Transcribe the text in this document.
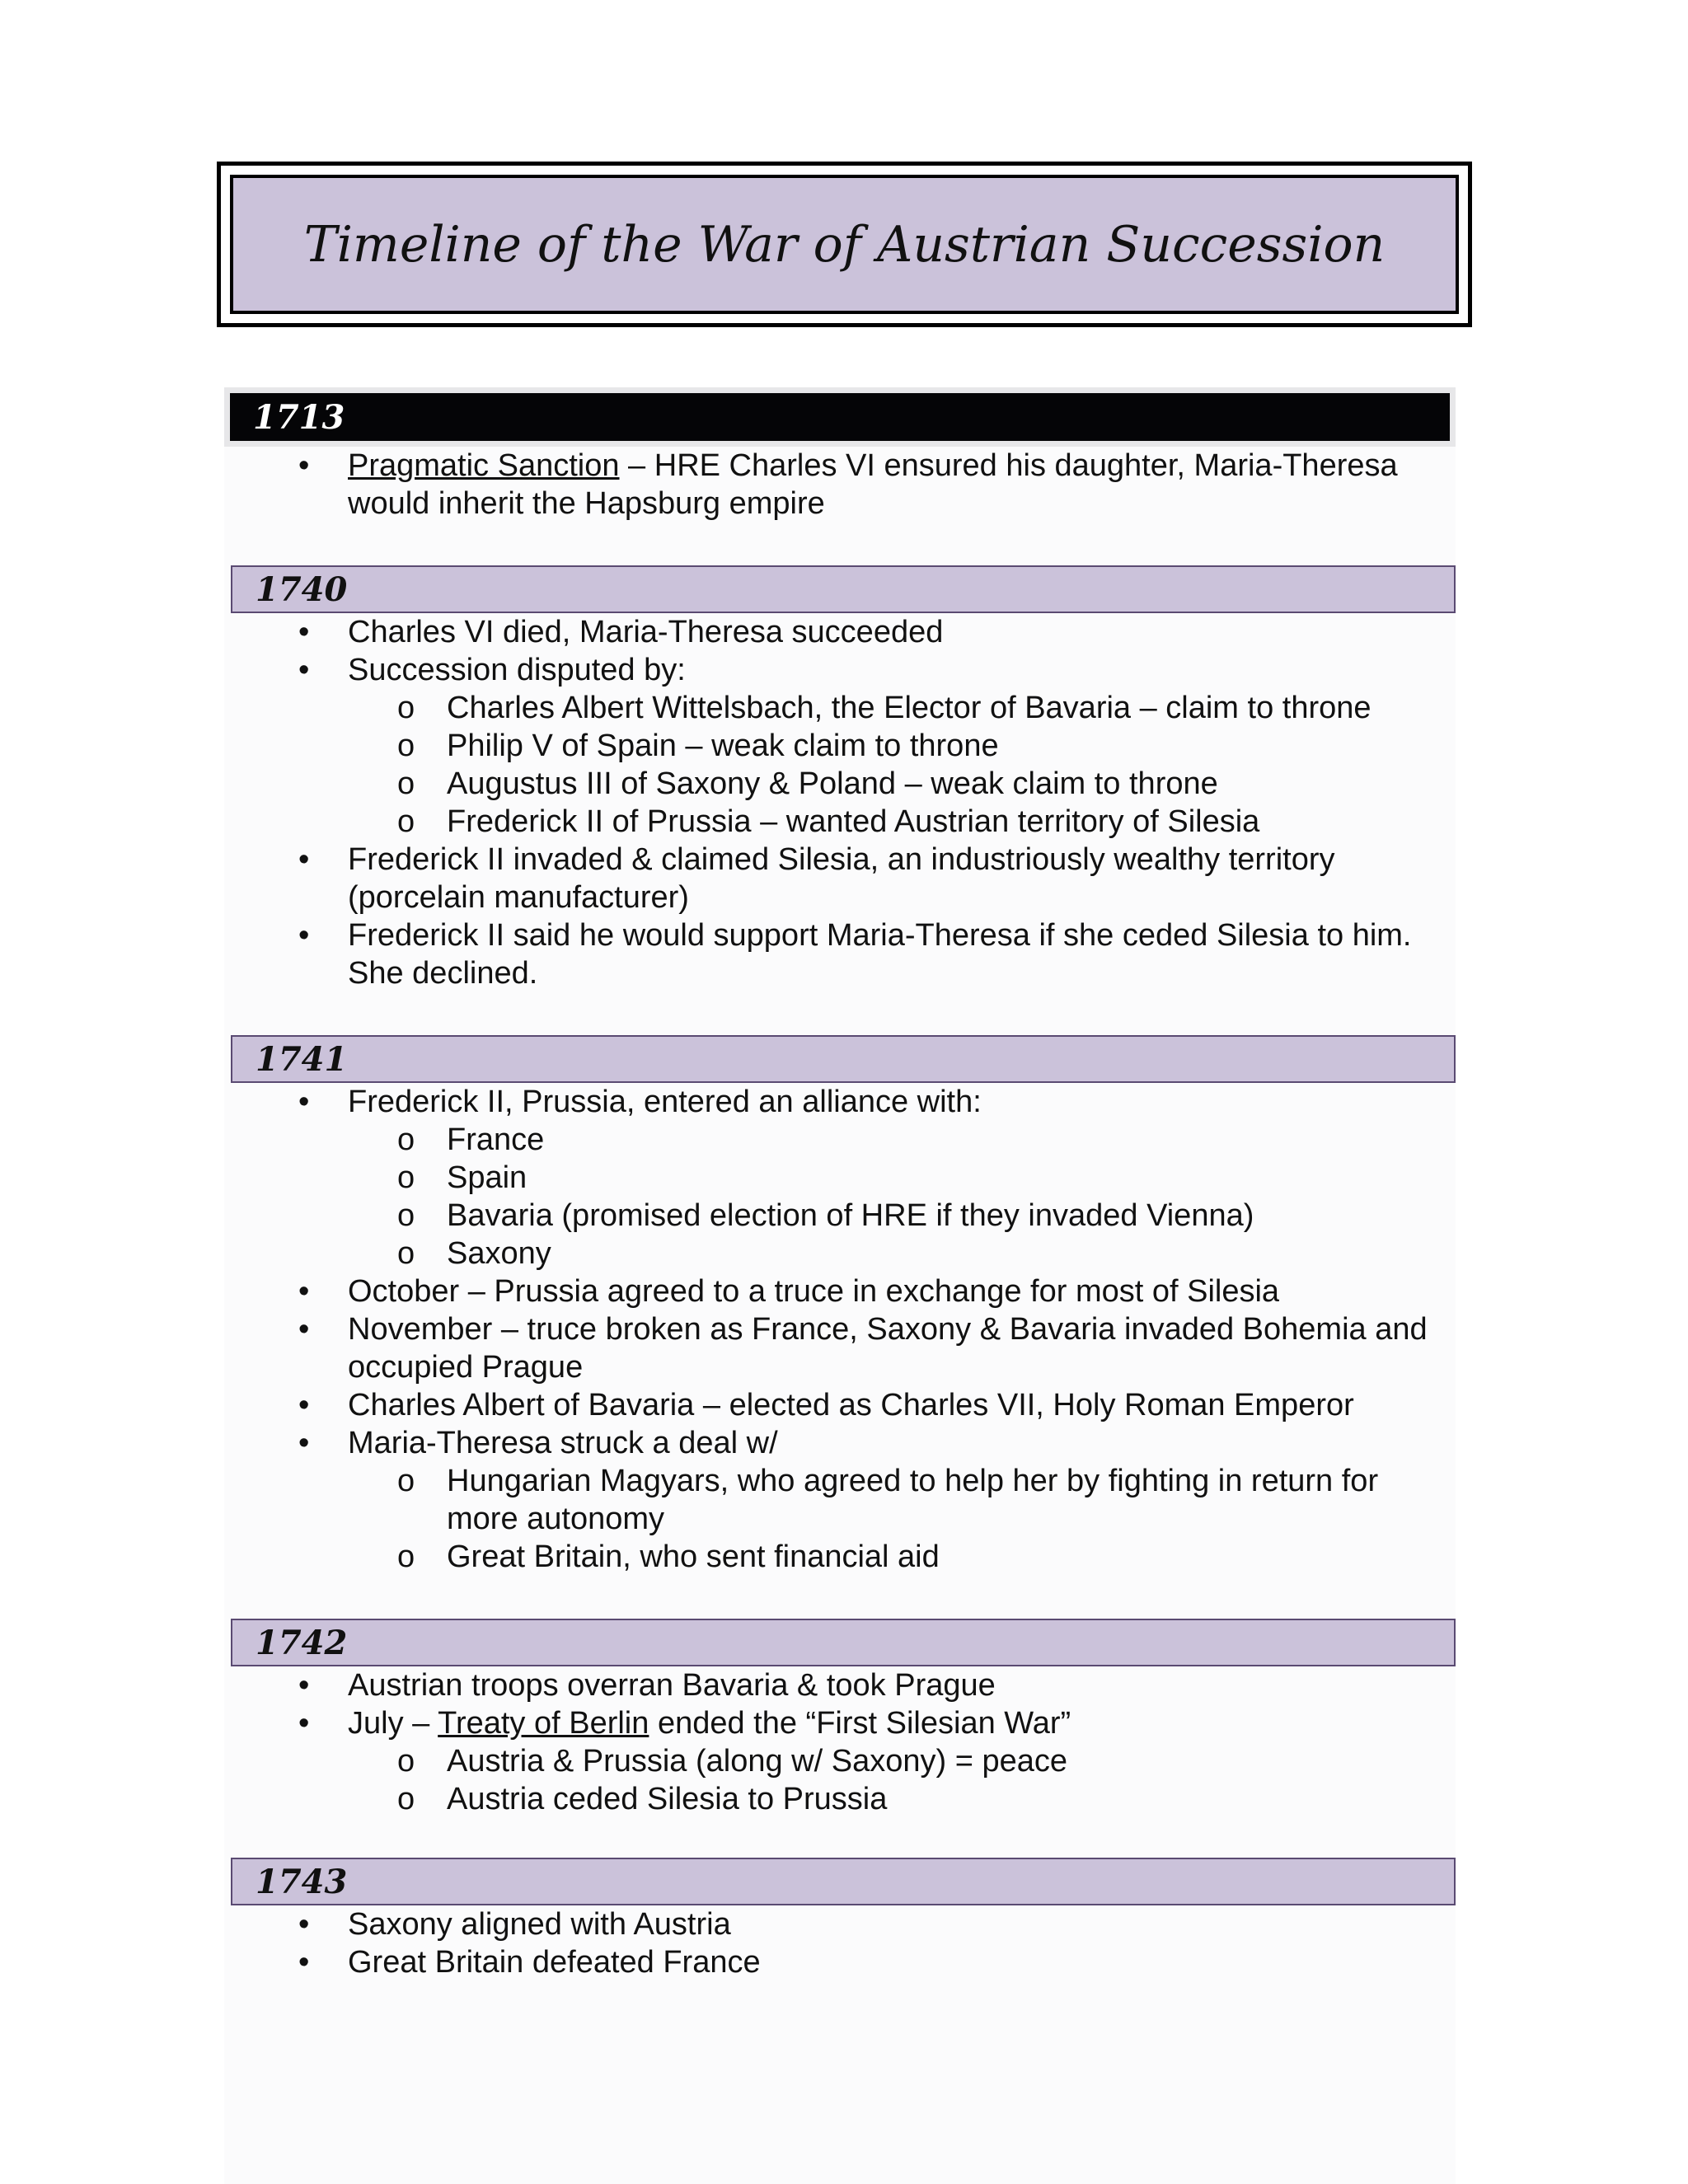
Timeline of the War of Austrian Succession
1713
• Pragmatic Sanction – HRE Charles VI ensured his daughter, Maria-Theresa would inherit the Hapsburg empire
1740
• Charles VI died, Maria-Theresa succeeded
• Succession disputed by:
o Charles Albert Wittelsbach, the Elector of Bavaria – claim to throne
o Philip V of Spain – weak claim to throne
o Augustus III of Saxony & Poland – weak claim to throne
o Frederick II of Prussia – wanted Austrian territory of Silesia
• Frederick II invaded & claimed Silesia, an industriously wealthy territory (porcelain manufacturer)
• Frederick II said he would support Maria-Theresa if she ceded Silesia to him. She declined.
1741
• Frederick II, Prussia, entered an alliance with:
o France
o Spain
o Bavaria (promised election of HRE if they invaded Vienna)
o Saxony
• October – Prussia agreed to a truce in exchange for most of Silesia
• November – truce broken as France, Saxony & Bavaria invaded Bohemia and occupied Prague
• Charles Albert of Bavaria – elected as Charles VII, Holy Roman Emperor
• Maria-Theresa struck a deal w/
o Hungarian Magyars, who agreed to help her by fighting in return for more autonomy
o Great Britain, who sent financial aid
1742
• Austrian troops overran Bavaria & took Prague
• July – Treaty of Berlin ended the “First Silesian War”
o Austria & Prussia (along w/ Saxony) = peace
o Austria ceded Silesia to Prussia
1743
• Saxony aligned with Austria
• Great Britain defeated France
